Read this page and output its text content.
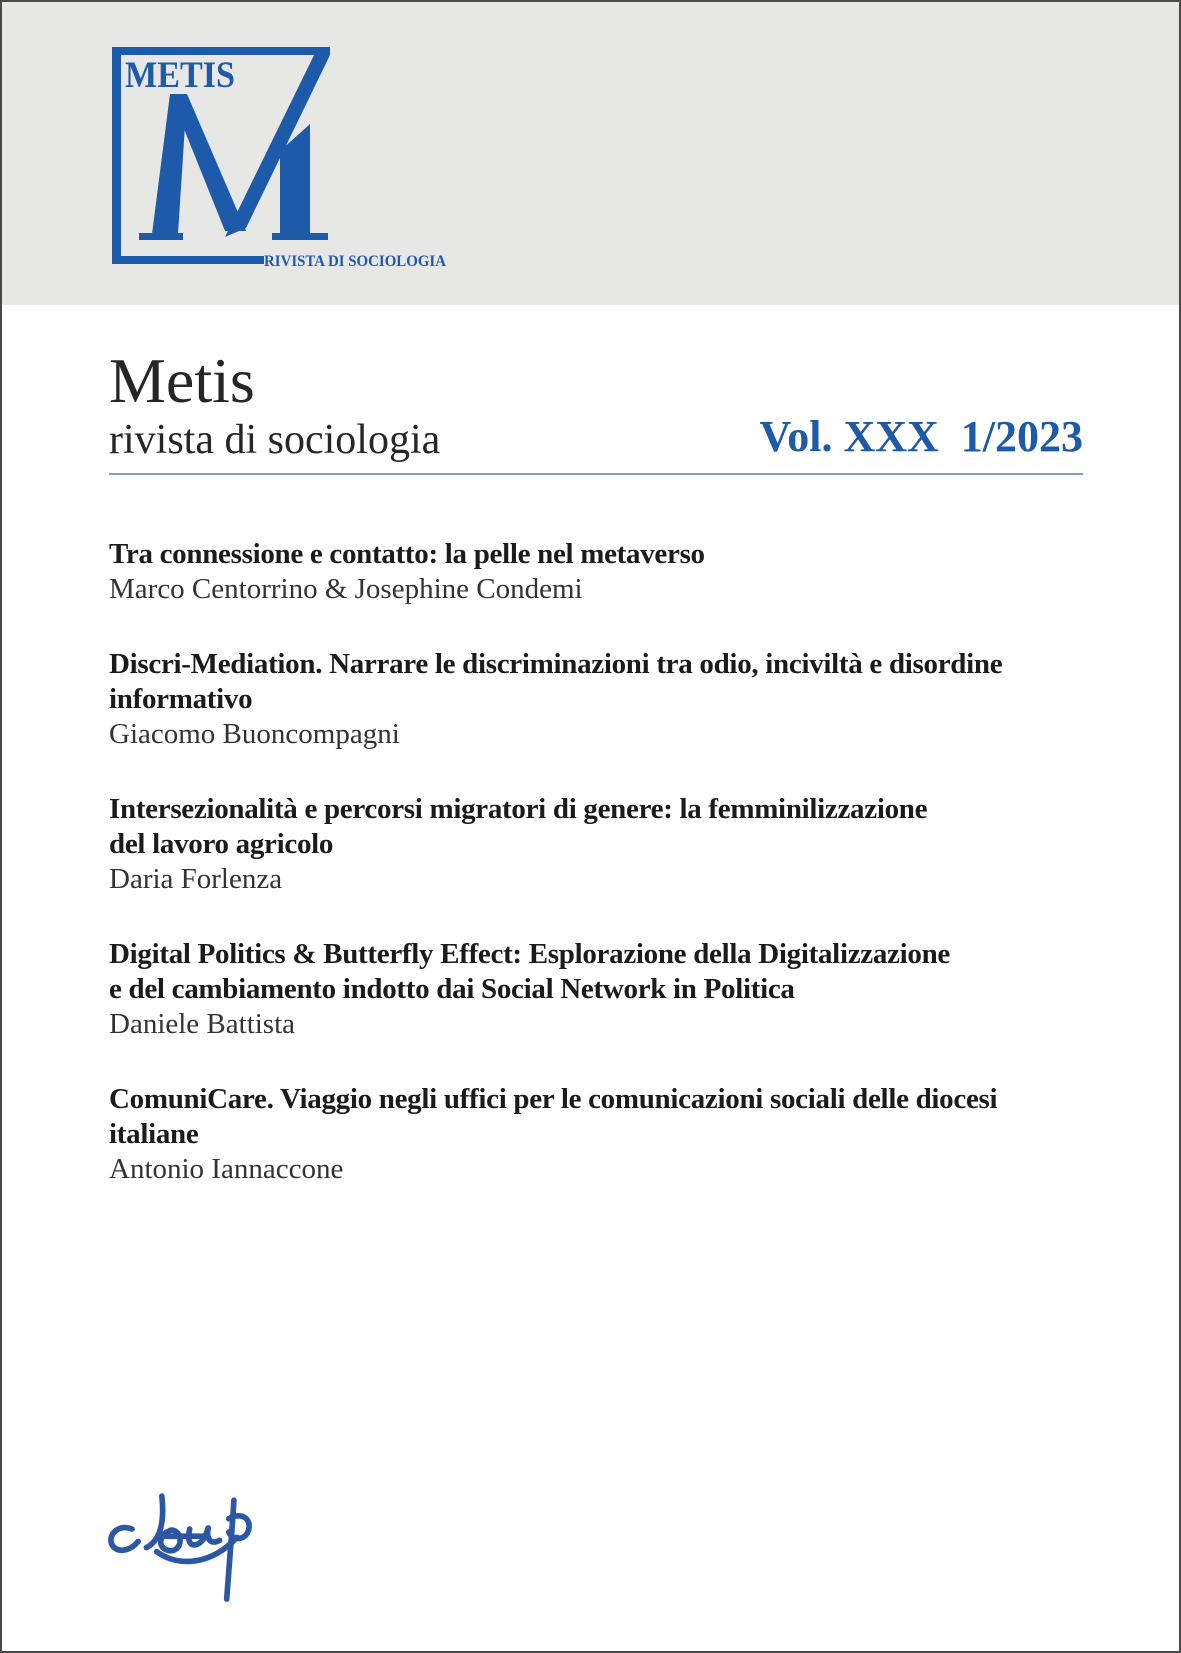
METIS
RIVISTA DI SOCIOLOGIA
Metis

rivista di sociologia	Vol. XXX  1/2023
Tra connessione e contatto: la pelle nel metaverso
Marco Centorrino & Josephine Condemi
Discri-Mediation. Narrare le discriminazioni tra odio, inciviltà e disordine
informativo
Giacomo Buoncompagni
Intersezionalità e percorsi migratori di genere: la femminilizzazione
del lavoro agricolo
Daria Forlenza
Digital Politics & Butterfly Effect: Esplorazione della Digitalizzazione
e del cambiamento indotto dai Social Network in Politica
Daniele Battista
ComuniCare. Viaggio negli uffici per le comunicazioni sociali delle diocesi
italiane
Antonio Iannaccone
